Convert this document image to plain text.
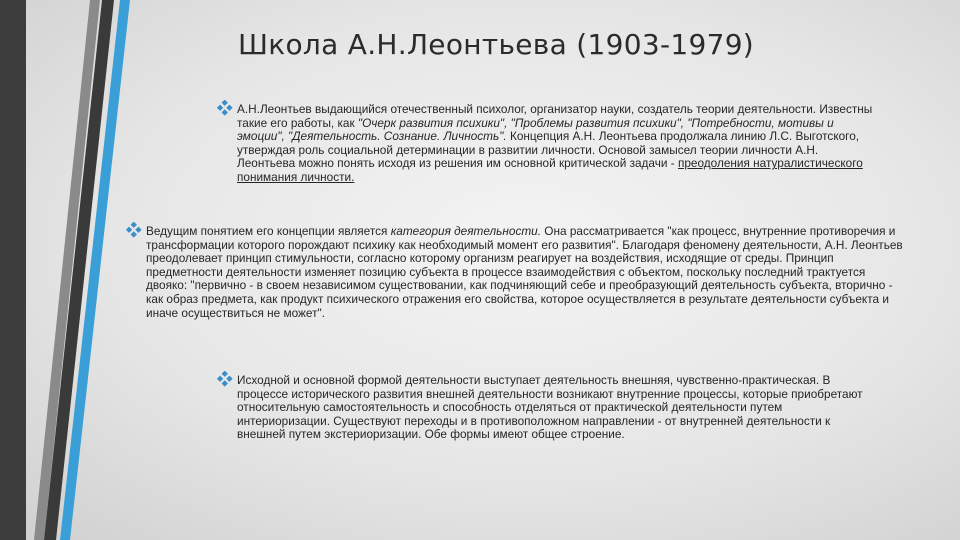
Школа А.Н.Леонтьева (1903-1979)
А.Н.Леонтьев выдающийся отечественный психолог, организатор науки, создатель теории деятельности. Известны такие его работы, как "Очерк развития психики", "Проблемы развития психики", "Потребности, мотивы и эмоции", "Деятельность. Сознание. Личность". Концепция А.Н. Леонтьева продолжала линию Л.С. Выготского, утверждая роль социальной детерминации в развитии личности. Основой замысел теории личности А.Н. Леонтьева можно понять исходя из решения им основной критической задачи - преодоления натуралистического понимания личности.
Ведущим понятием его концепции является категория деятельности. Она рассматривается "как процесс, внутренние противоречия и трансформации которого порождают психику как необходимый момент его развития". Благодаря феномену деятельности, А.Н. Леонтьев преодолевает принцип стимульности, согласно которому организм реагирует на воздействия, исходящие от среды. Принцип предметности деятельности изменяет позицию субъекта в процессе взаимодействия с объектом, поскольку последний трактуется двояко: "первично - в своем независимом существовании, как подчиняющий себе и преобразующий деятельность субъекта, вторично - как образ предмета, как продукт психического отражения его свойства, которое осуществляется в результате деятельности субъекта и иначе осуществиться не может".
Исходной и основной формой деятельности выступает деятельность внешняя, чувственно-практическая. В процессе исторического развития внешней деятельности возникают внутренние процессы, которые приобретают относительную самостоятельность и способность отделяться от практической деятельности путем интериоризации. Существуют переходы и в противоположном направлении - от внутренней деятельности к внешней путем экстериоризации. Обе формы имеют общее строение.
